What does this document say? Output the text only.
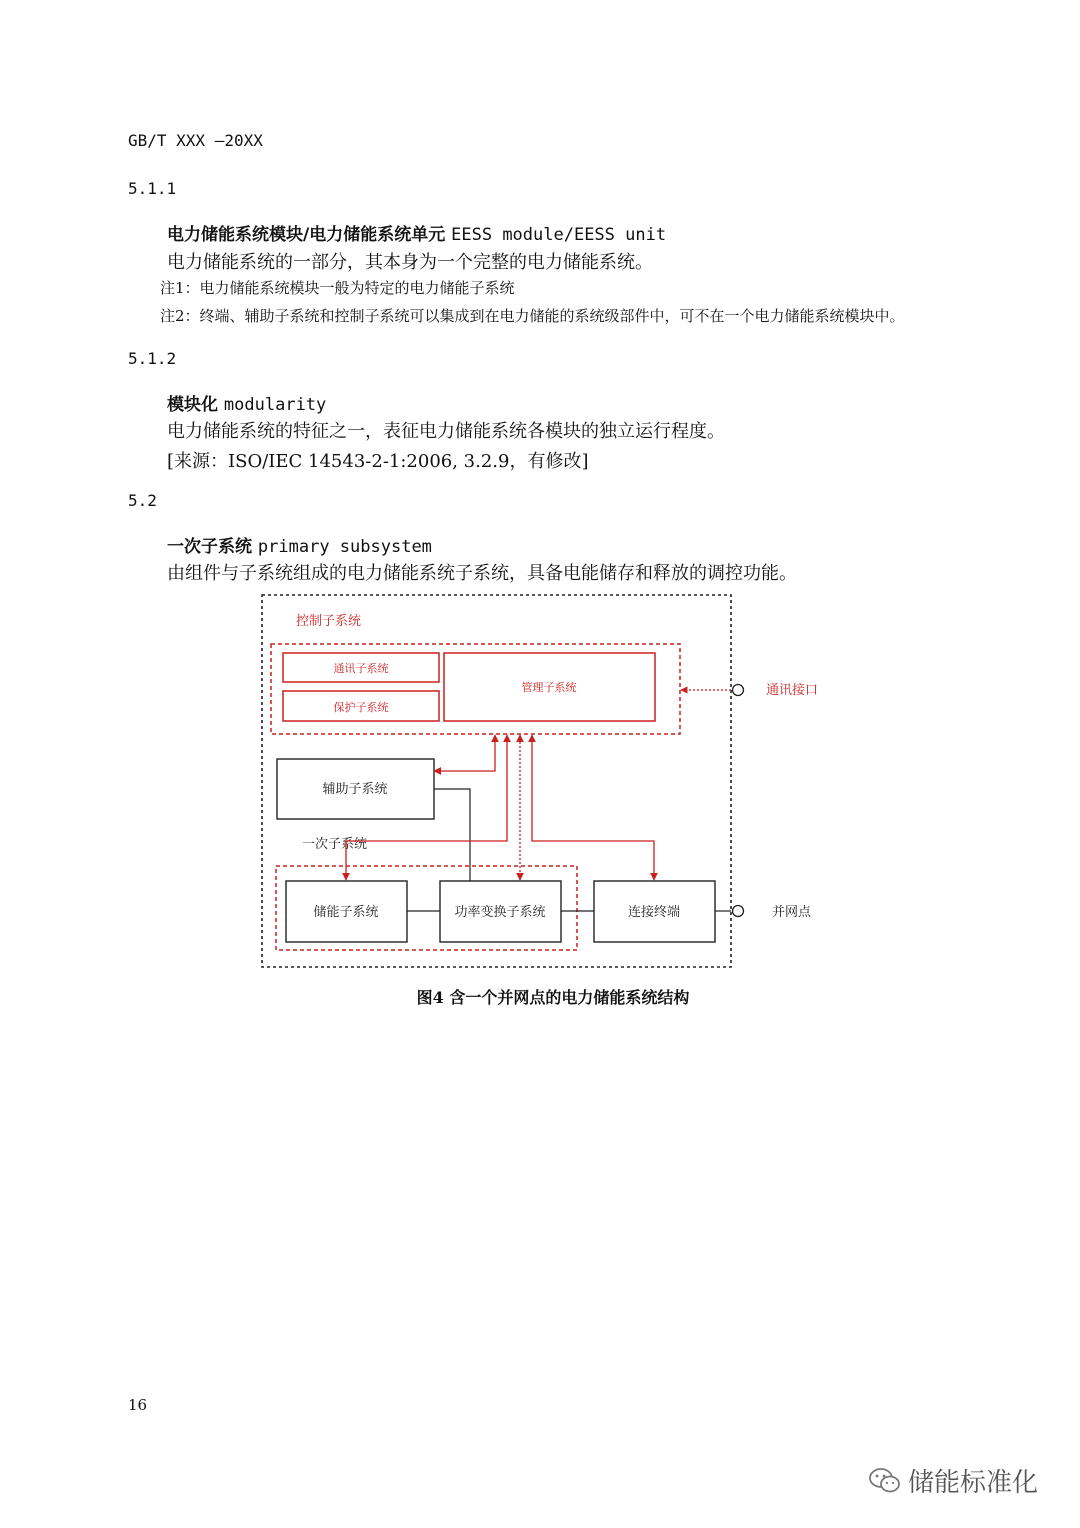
GB/T XXX —20XX
5.1.1
电力储能系统模块/电力储能系统单元 EESS module/EESS unit
电力储能系统的一部分，其本身为一个完整的电力储能系统。
注1：电力储能系统模块一般为特定的电力储能子系统
注2：终端、辅助子系统和控制子系统可以集成到在电力储能的系统级部件中，可不在一个电力储能系统模块中。
5.1.2
模块化 modularity
电力储能系统的特征之一，表征电力储能系统各模块的独立运行程度。
[来源：ISO/IEC 14543-2-1:2006, 3.2.9，有修改]
5.2
一次子系统 primary subsystem
由组件与子系统组成的电力储能系统子系统，具备电能储存和释放的调控功能。
控制子系统
通讯子系统
保护子系统
管理子系统	通讯接口
辅助子系统
一次子系统
储能子系统	功率变换子系统	连接终端	并网点
图4 含一个并网点的电力储能系统结构
16
储能标准化
